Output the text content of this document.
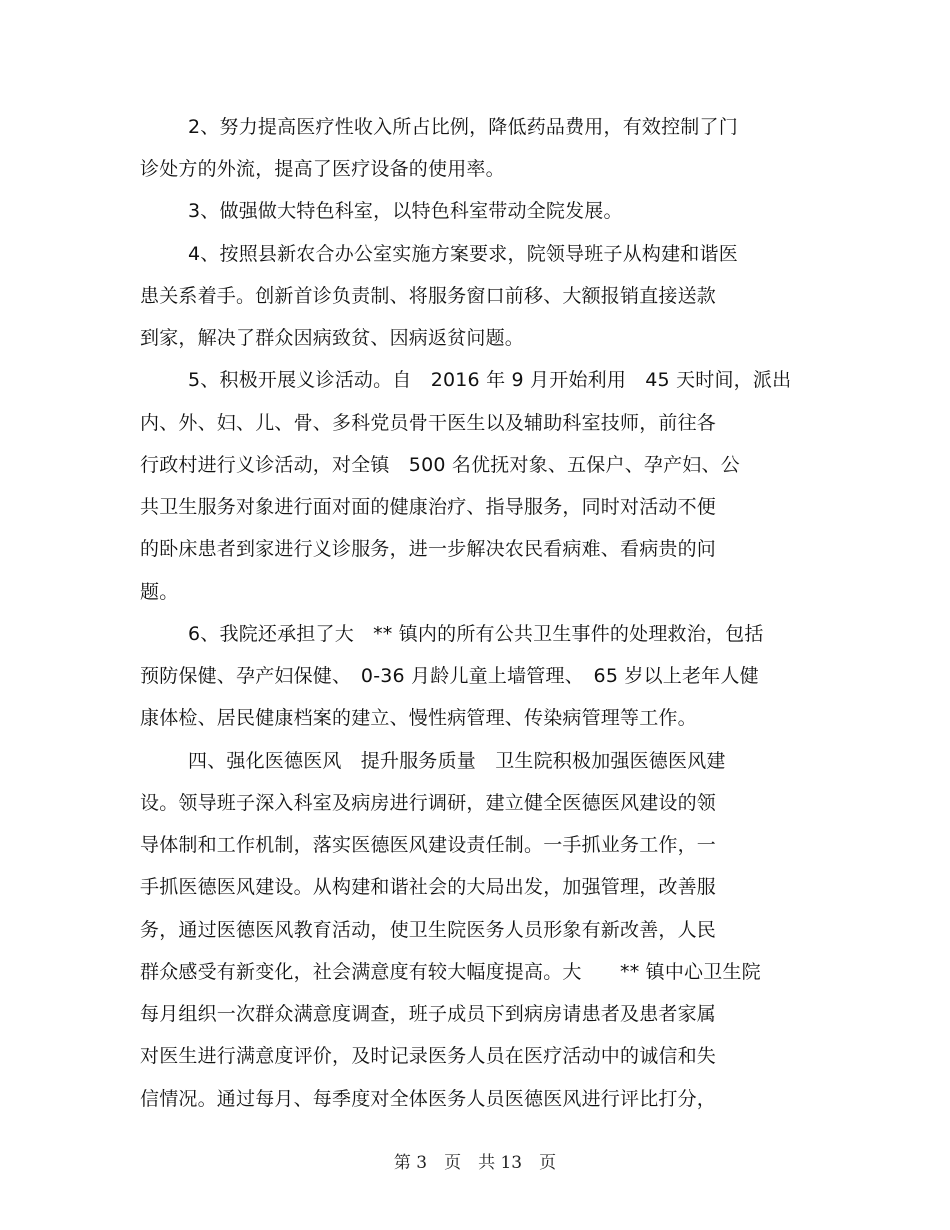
2、努力提高医疗性收入所占比例，降低药品费用，有效控制了门
诊处方的外流，提高了医疗设备的使用率。
3、做强做大特色科室，以特色科室带动全院发展。
4、按照县新农合办公室实施方案要求，院领导班子从构建和谐医
患关系着手。创新首诊负责制、将服务窗口前移、大额报销直接送款
到家，解决了群众因病致贫、因病返贫问题。
5、积极开展义诊活动。自　2016 年 9 月开始利用　45 天时间，派出
内、外、妇、儿、骨、多科党员骨干医生以及辅助科室技师，前往各
行政村进行义诊活动，对全镇　500 名优抚对象、五保户、孕产妇、公
共卫生服务对象进行面对面的健康治疗、指导服务，同时对活动不便
的卧床患者到家进行义诊服务，进一步解决农民看病难、看病贵的问
题。
6、我院还承担了大　** 镇内的所有公共卫生事件的处理救治，包括
预防保健、孕产妇保健、　0-36 月龄儿童上墙管理、　65 岁以上老年人健
康体检、居民健康档案的建立、慢性病管理、传染病管理等工作。
四、强化医德医风　提升服务质量　卫生院积极加强医德医风建
设。领导班子深入科室及病房进行调研，建立健全医德医风建设的领
导体制和工作机制，落实医德医风建设责任制。一手抓业务工作，一
手抓医德医风建设。从构建和谐社会的大局出发，加强管理，改善服
务，通过医德医风教育活动，使卫生院医务人员形象有新改善，人民
群众感受有新变化，社会满意度有较大幅度提高。大　　** 镇中心卫生院
每月组织一次群众满意度调查，班子成员下到病房请患者及患者家属
对医生进行满意度评价，及时记录医务人员在医疗活动中的诚信和失
信情况。通过每月、每季度对全体医务人员医德医风进行评比打分，
第 3　页　共 13　页
